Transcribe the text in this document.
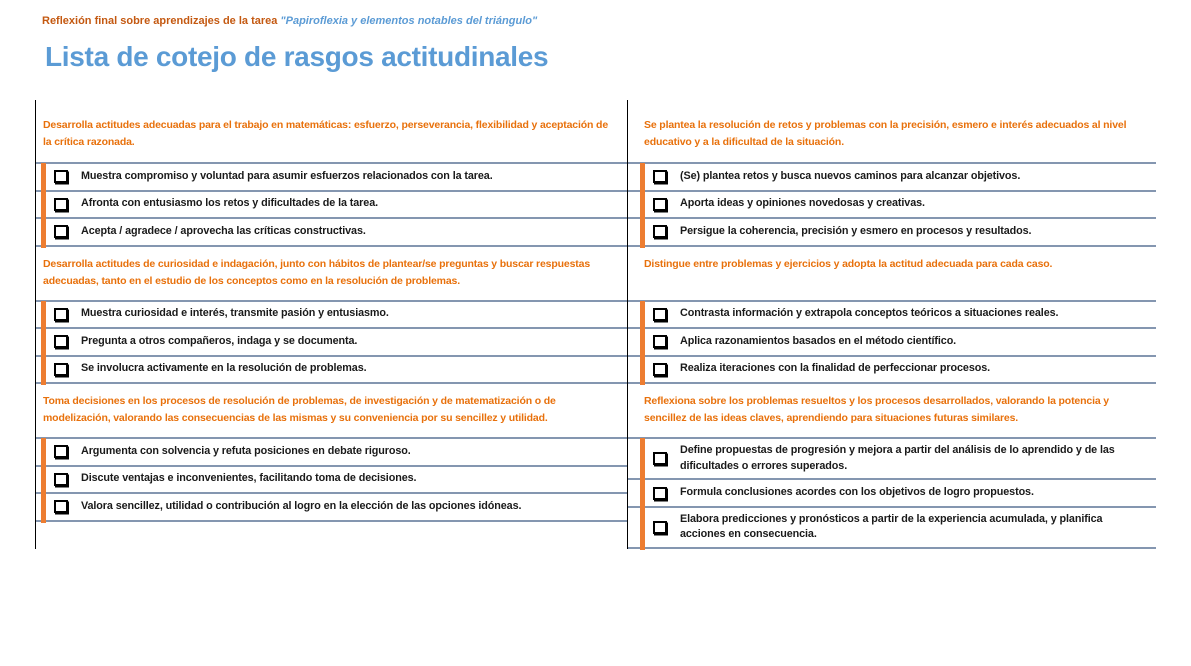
Reflexión final sobre aprendizajes de la tarea "Papiroflexia y elementos notables del triángulo"
Lista de cotejo de rasgos actitudinales
Desarrolla actitudes adecuadas para el trabajo en matemáticas: esfuerzo, perseverancia, flexibilidad y aceptación de la crítica razonada.
Muestra compromiso y voluntad para asumir esfuerzos relacionados con la tarea.
Afronta con entusiasmo los retos y dificultades de la tarea.
Acepta / agradece / aprovecha las críticas constructivas.
Desarrolla actitudes de curiosidad e indagación, junto con hábitos de plantear/se preguntas y buscar respuestas adecuadas, tanto en el estudio de los conceptos como en la resolución de problemas.
Muestra curiosidad e interés, transmite pasión y entusiasmo.
Pregunta a otros compañeros, indaga y se documenta.
Se involucra activamente en la resolución de problemas.
Toma decisiones en los procesos de resolución de problemas, de investigación y de matematización o de modelización, valorando las consecuencias de las mismas y su conveniencia por su sencillez y utilidad.
Argumenta con solvencia y refuta posiciones en debate riguroso.
Discute ventajas e inconvenientes, facilitando toma de decisiones.
Valora sencillez, utilidad o contribución al logro en la elección de las opciones idóneas.
Se plantea la resolución de retos y problemas con la precisión, esmero e interés adecuados al nivel educativo y a la dificultad de la situación.
(Se) plantea retos y busca nuevos caminos para alcanzar objetivos.
Aporta ideas y opiniones novedosas y creativas.
Persigue la coherencia, precisión y esmero en procesos y resultados.
Distingue entre problemas y ejercicios y adopta la actitud adecuada para cada caso.
Contrasta información y extrapola conceptos teóricos a situaciones reales.
Aplica razonamientos basados en el método científico.
Realiza iteraciones con la finalidad de perfeccionar procesos.
Reflexiona sobre los problemas resueltos y los procesos desarrollados, valorando la potencia y sencillez de las ideas claves, aprendiendo para situaciones futuras similares.
Define propuestas de progresión y mejora a partir del análisis de lo aprendido y de las dificultades o errores superados.
Formula conclusiones acordes con los objetivos de logro propuestos.
Elabora predicciones y pronósticos a partir de la experiencia acumulada, y planifica acciones en consecuencia.
